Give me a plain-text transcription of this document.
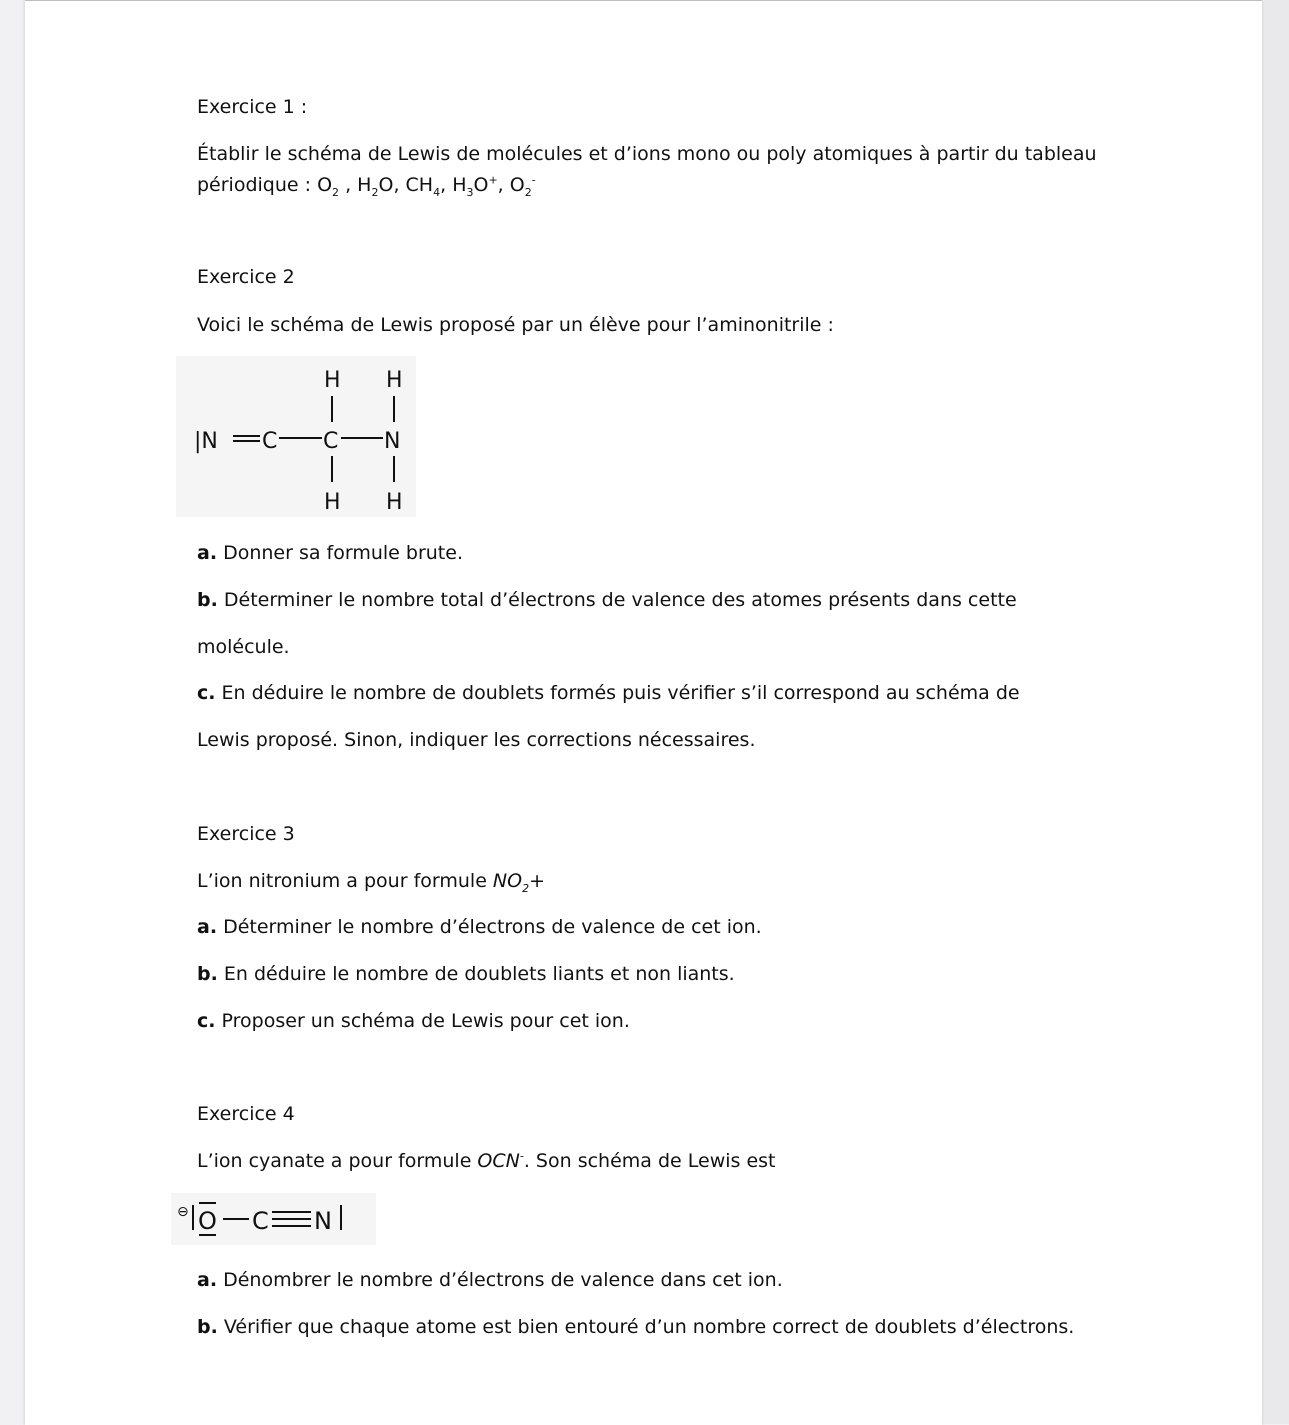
Exercice 1 :
Établir le schéma de Lewis de molécules et d’ions mono ou poly atomiques à partir du tableau
périodique : $O_2$ , $H_2O$, $CH_4$, $H_3O^+$, $O_2^-$
Exercice 2
Voici le schéma de Lewis proposé par un élève pour l’aminonitrile :
|N C C N
H H
H H
a. Donner sa formule brute.
b. Déterminer le nombre total d’électrons de valence des atomes présents dans cette
molécule.
c. En déduire le nombre de doublets formés puis vérifier s’il correspond au schéma de
Lewis proposé. Sinon, indiquer les corrections nécessaires.
Exercice 3
L’ion nitronium a pour formule $NO_2+$
a. Déterminer le nombre d’électrons de valence de cet ion.
b. En déduire le nombre de doublets liants et non liants.
c. Proposer un schéma de Lewis pour cet ion.
Exercice 4
L’ion cyanate a pour formule OCN-. Son schéma de Lewis est
⊖ O C N
a. Dénombrer le nombre d’électrons de valence dans cet ion.
b. Vérifier que chaque atome est bien entouré d’un nombre correct de doublets d’électrons.
